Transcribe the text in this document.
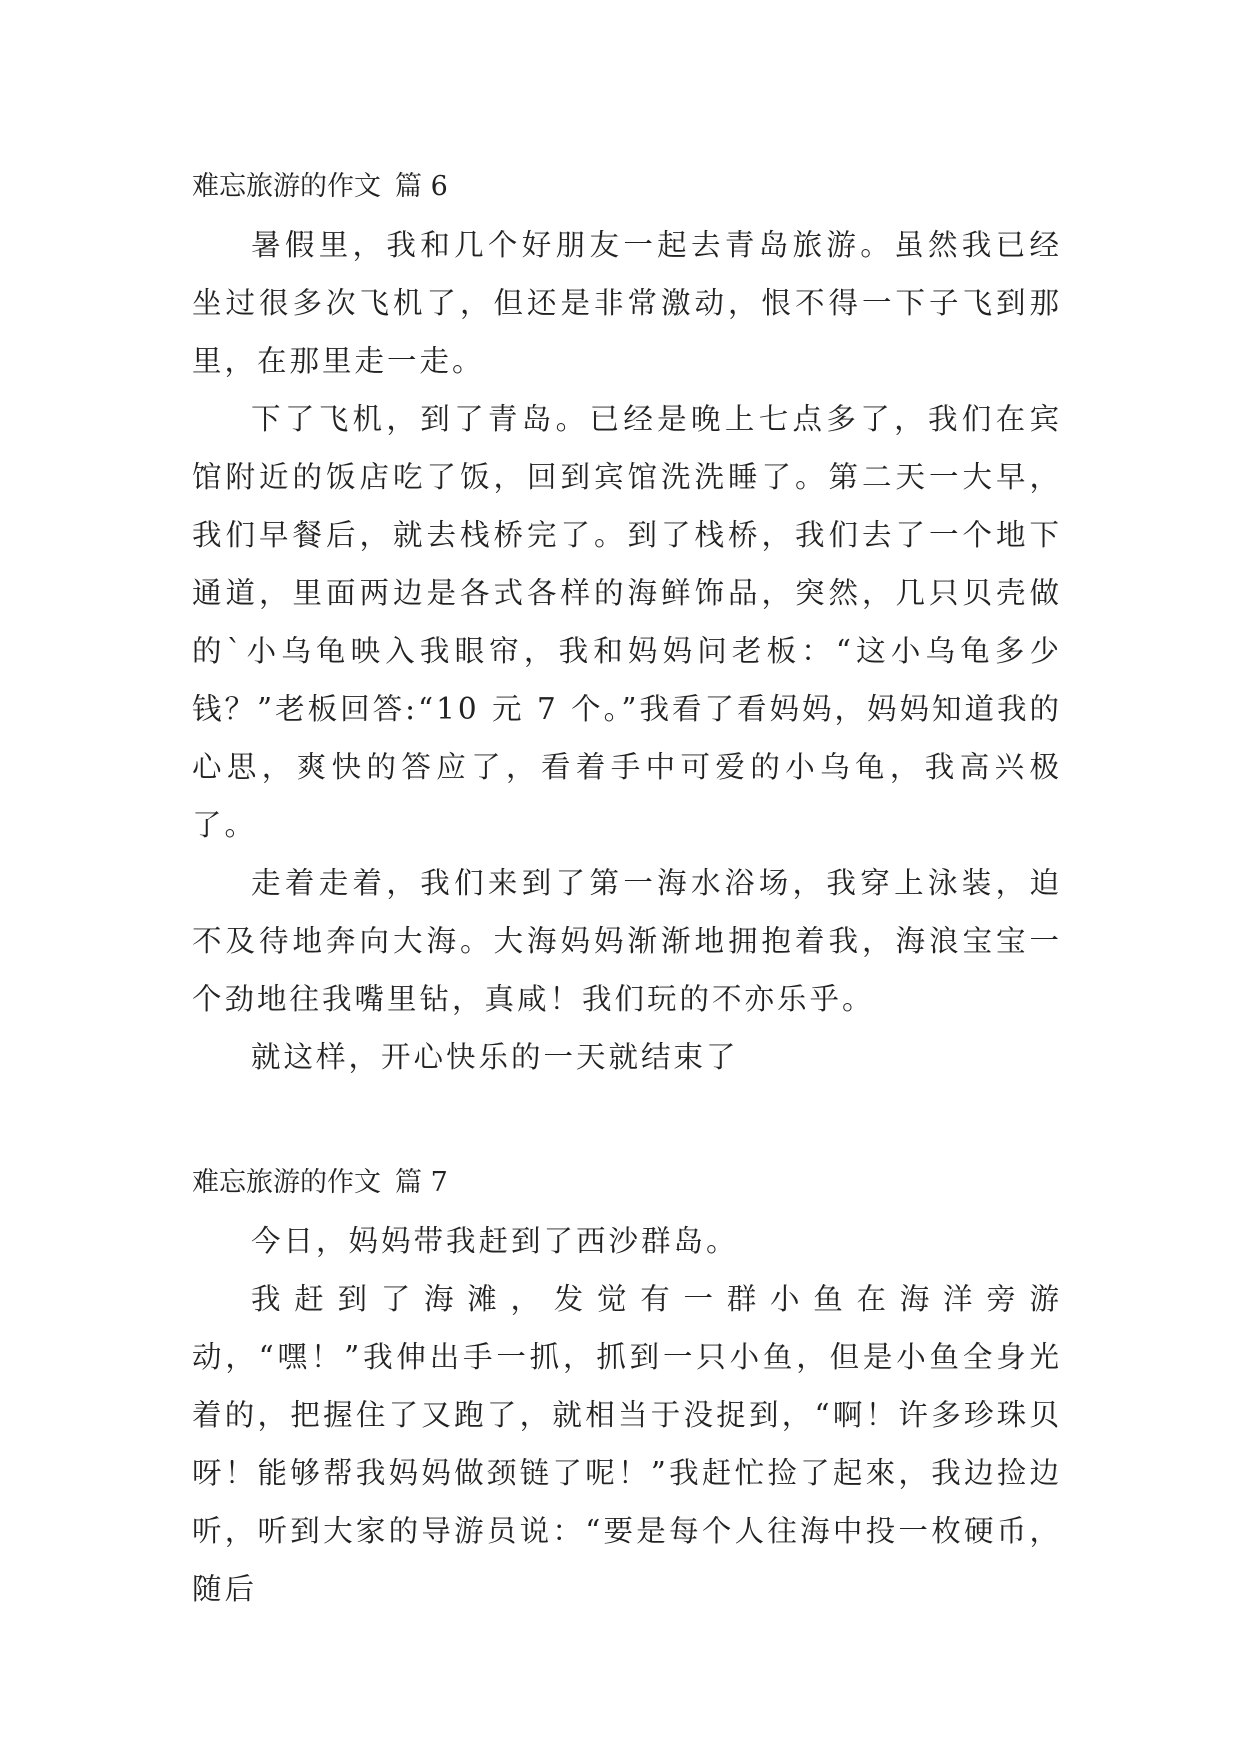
难忘旅游的作文 篇 6

暑假里，我和几个好朋友一起去青岛旅游。虽然我已经坐过很多次飞机了，但还是非常激动，恨不得一下子飞到那里，在那里走一走。

下了飞机，到了青岛。已经是晚上七点多了，我们在宾馆附近的饭店吃了饭，回到宾馆洗洗睡了。第二天一大早，我们早餐后，就去栈桥完了。到了栈桥，我们去了一个地下通道，里面两边是各式各样的海鲜饰品，突然，几只贝壳做的`小乌龟映入我眼帘，我和妈妈问老板：“这小乌龟多少钱？”老板回答:“10 元 7 个。”我看了看妈妈，妈妈知道我的心思，爽快的答应了，看着手中可爱的小乌龟，我高兴极了。

走着走着，我们来到了第一海水浴场，我穿上泳装，迫不及待地奔向大海。大海妈妈渐渐地拥抱着我，海浪宝宝一个劲地往我嘴里钻，真咸！我们玩的不亦乐乎。

就这样，开心快乐的一天就结束了

难忘旅游的作文 篇 7

今日，妈妈带我赶到了西沙群岛。

我赶到了海滩，发觉有一群小鱼在海洋旁游动，“嘿！”我伸出手一抓，抓到一只小鱼，但是小鱼全身光着的，把握住了又跑了，就相当于没捉到，“啊！许多珍珠贝呀！能够帮我妈妈做颈链了呢！”我赶忙捡了起來，我边捡边听，听到大家的导游员说：“要是每个人往海中投一枚硬币，随后
